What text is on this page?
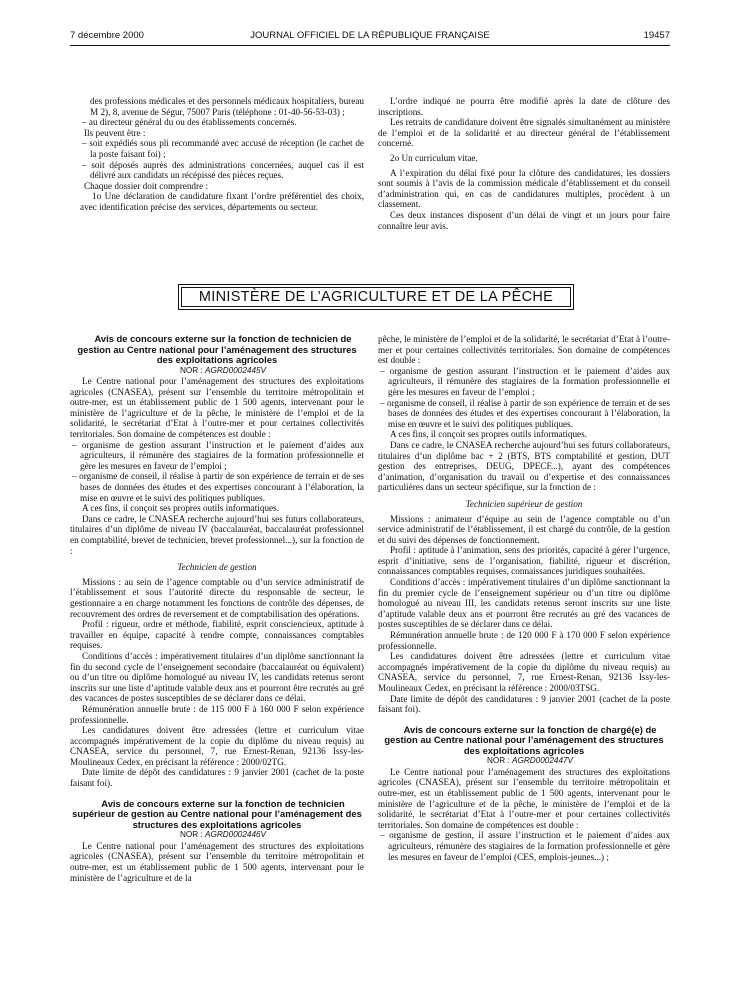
7 décembre 2000	JOURNAL OFFICIEL DE LA RÉPUBLIQUE FRANÇAISE	19457

des professions médicales et des personnels médicaux hospitaliers, bureau M 2), 8, avenue de Ségur, 75007 Paris (téléphone : 01-40-56-53-03) ;

– au directeur général du ou des établissements concernés.

Ils peuvent être :

– soit expédiés sous pli recommandé avec accusé de réception (le cachet de la poste faisant foi) ;

– soit déposés auprès des administrations concernées, auquel cas il est délivré aux candidats un récépissé des pièces reçues.

Chaque dossier doit comprendre :

1o Une déclaration de candidature fixant l’ordre préférentiel des choix, avec identification précise des services, départements ou secteur.

L’ordre indiqué ne pourra être modifié après la date de clôture des inscriptions.

Les retraits de candidature doivent être signalés simultanément au ministère de l’emploi et de la solidarité et au directeur général de l’établissement concerné.

2o Un curriculum vitae.

A l’expiration du délai fixé pour la clôture des candidatures, les dossiers sont soumis à l’avis de la commission médicale d’établissement et du conseil d’administration qui, en cas de candidatures multiples, procèdent à un classement.

Ces deux instances disposent d’un délai de vingt et un jours pour faire connaître leur avis.

MINISTÈRE DE L’AGRICULTURE ET DE LA PÊCHE

Avis de concours externe sur la fonction de technicien de gestion au Centre national pour l’aménagement des structures des exploitations agricoles

NOR : AGRD0002445V

Le Centre national pour l’aménagement des structures des exploitations agricoles (CNASEA), présent sur l’ensemble du territoire métropolitain et outre-mer, est un établissement public de 1 500 agents, intervenant pour le ministère de l’agriculture et de la pêche, le ministère de l’emploi et de la solidarité, le secrétariat d’Etat à l’outre-mer et pour certaines collectivités territoriales. Son domaine de compétences est double :

– organisme de gestion assurant l’instruction et le paiement d’aides aux agriculteurs, il rémunère des stagiaires de la formation professionnelle et gère les mesures en faveur de l’emploi ;

– organisme de conseil, il réalise à partir de son expérience de terrain et de ses bases de données des études et des expertises concourant à l’élaboration, la mise en œuvre et le suivi des politiques publiques.

A ces fins, il conçoit ses propres outils informatiques.

Dans ce cadre, le CNASEA recherche aujourd’hui ses futurs collaborateurs, titulaires d’un diplôme de niveau IV (baccalauréat, baccalauréat professionnel en comptabilité, brevet de technicien, brevet professionnel...), sur la fonction de :

Technicien de gestion

Missions : au sein de l’agence comptable ou d’un service administratif de l’établissement et sous l’autorité directe du responsable de secteur, le gestionnaire a en charge notamment les fonctions de contrôle des dépenses, de recouvrement des ordres de reversement et de comptabilisation des opérations.

Profil : rigueur, ordre et méthode, fiabilité, esprit consciencieux, aptitude à travailler en équipe, capacité à rendre compte, connaissances comptables requises.

Conditions d’accès : impérativement titulaires d’un diplôme sanctionnant la fin du second cycle de l’enseignement secondaire (baccalauréat ou équivalent) ou d’un titre ou diplôme homologué au niveau IV, les candidats retenus seront inscrits sur une liste d’aptitude valable deux ans et pourront être recrutés au gré des vacances de postes susceptibles de se déclarer dans ce délai.

Rémunération annuelle brute : de 115 000 F à 160 000 F selon expérience professionnelle.

Les candidatures doivent être adressées (lettre et curriculum vitae accompagnés impérativement de la copie du diplôme du niveau requis) au CNASEA, service du personnel, 7, rue Ernest-Renan, 92136 Issy-les-Moulineaux Cedex, en précisant la référence : 2000/02TG.

Date limite de dépôt des candidatures : 9 janvier 2001 (cachet de la poste faisant foi).

Avis de concours externe sur la fonction de technicien supérieur de gestion au Centre national pour l’aménagement des structures des exploitations agricoles

NOR : AGRD0002446V

Le Centre national pour l’aménagement des structures des exploitations agricoles (CNASEA), présent sur l’ensemble du territoire métropolitain et outre-mer, est un établissement public de 1 500 agents, intervenant pour le ministère de l’agriculture et de la

pêche, le ministère de l’emploi et de la solidarité, le secrétariat d’Etat à l’outre-mer et pour certaines collectivités territoriales. Son domaine de compétences est double :

– organisme de gestion assurant l’instruction et le paiement d’aides aux agriculteurs, il rémunère des stagiaires de la formation professionnelle et gère les mesures en faveur de l’emploi ;

– organisme de conseil, il réalise à partir de son expérience de terrain et de ses bases de données des études et des expertises concourant à l’élaboration, la mise en œuvre et le suivi des politiques publiques.

A ces fins, il conçoit ses propres outils informatiques.

Dans ce cadre, le CNASEA recherche aujourd’hui ses futurs collaborateurs, titulaires d’un diplôme bac + 2 (BTS, BTS comptabilité et gestion, DUT gestion des entreprises, DEUG, DPECF...), ayant des compétences d’animation, d’organisation du travail ou d’expertise et des connaissances particulières dans un secteur spécifique, sur la fonction de :

Technicien supérieur de gestion

Missions : animateur d’équipe au sein de l’agence comptable ou d’un service administratif de l’établissement, il est chargé du contrôle, de la gestion et du suivi des dépenses de fonctionnement.

Profil : aptitude à l’animation, sens des priorités, capacité à gérer l’urgence, esprit d’initiative, sens de l’organisation, fiabilité, rigueur et discrétion, connaissances comptables requises, connaissances juridiques souhaitées.

Conditions d’accès : impérativement titulaires d’un diplôme sanctionnant la fin du premier cycle de l’enseignement supérieur ou d’un titre ou diplôme homologué au niveau III, les candidats retenus seront inscrits sur une liste d’aptitude valable deux ans et pourront être recrutés au gré des vacances de postes susceptibles de se déclarer dans ce délai.

Rémunération annuelle brute : de 120 000 F à 170 000 F selon expérience professionnelle.

Les candidatures doivent être adressées (lettre et curriculum vitae accompagnés impérativement de la copie du diplôme du niveau requis) au CNASEA, service du personnel, 7, rue Ernest-Renan, 92136 Issy-les-Moulineaux Cedex, en précisant la référence : 2000/03TSG.

Date limite de dépôt des candidatures : 9 janvier 2001 (cachet de la poste faisant foi).

Avis de concours externe sur la fonction de chargé(e) de gestion au Centre national pour l’aménagement des structures des exploitations agricoles

NOR : AGRD0002447V

Le Centre national pour l’aménagement des structures des exploitations agricoles (CNASEA), présent sur l’ensemble du territoire métropolitain et outre-mer, est un établissement public de 1 500 agents, intervenant pour le ministère de l’agriculture et de la pêche, le ministère de l’emploi et de la solidarité, le secrétariat d’Etat à l’outre-mer et pour certaines collectivités territoriales. Son domaine de compétences est double :

– organisme de gestion, il assure l’instruction et le paiement d’aides aux agriculteurs, rémunère des stagiaires de la formation professionnelle et gère les mesures en faveur de l’emploi (CES, emplois-jeunes...) ;
